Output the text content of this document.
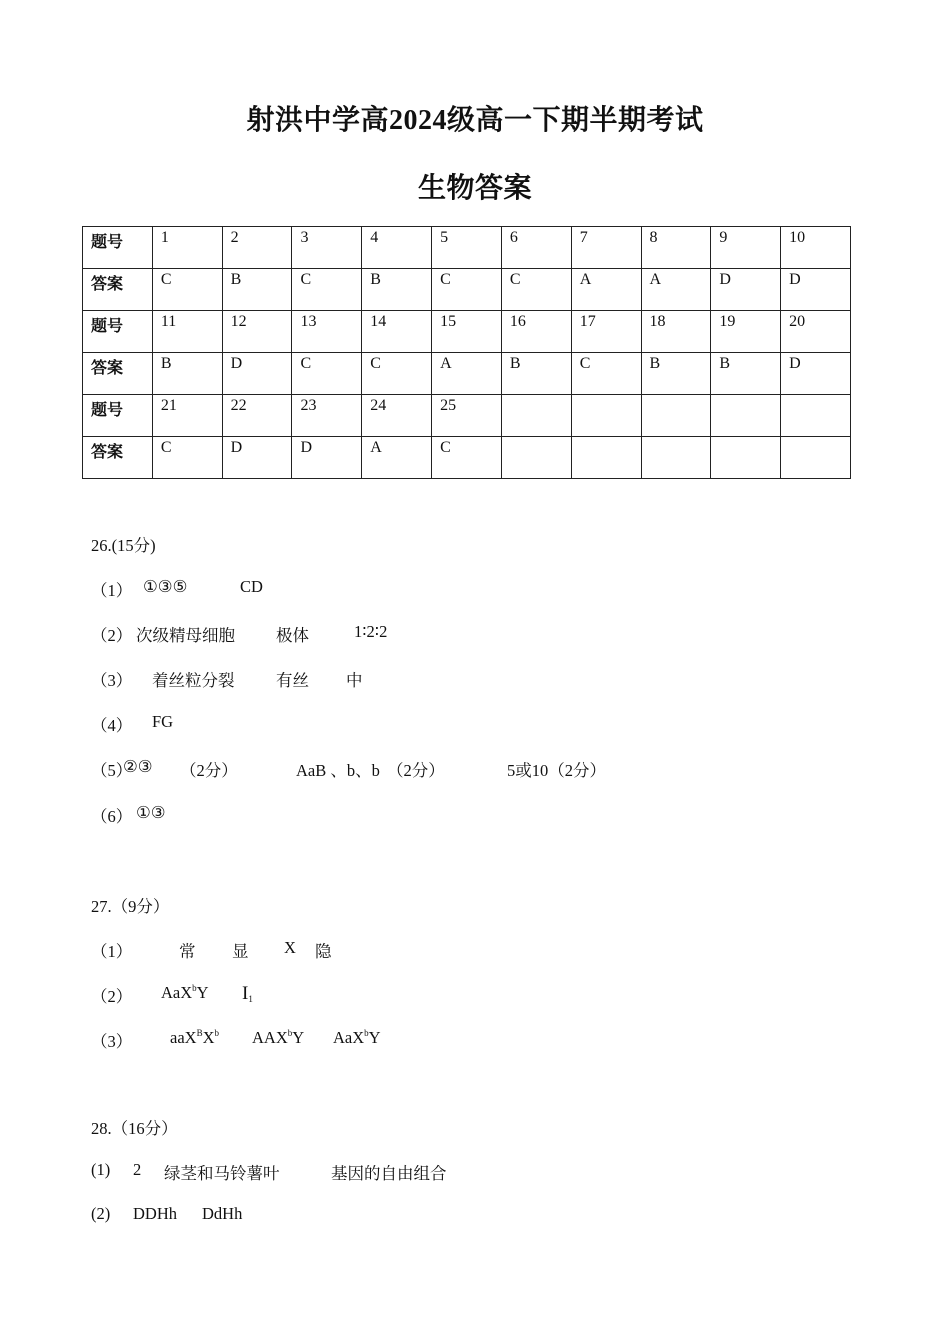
射洪中学高2024级高一下期半期考试
生物答案
题号	1	2	3	4	5	6	7	8	9	10
答案	C	B	C	B	C	C	A	A	D	D
题号	11	12	13	14	15	16	17	18	19	20
答案	B	D	C	C	A	B	C	B	B	D
题号	21	22	23	24	25					
答案	C	D	D	A	C					
26.(15分)
（1） ①③⑤	CD
（2） 次级精母细胞 极体	1∶2∶2
（3） 着丝粒分裂	有丝 中
（4） FG
（5）
②③ （2分）	AaB 、b、b （2分）	5或10（2分）
（6） ①③
27.（9分）
（1）	常 显 X 隐
（2） AaX$^b$Y $I_1$
（3） $aaX^BX^b$ AAX$^b$Y AaX$^b$Y
28.（16分）
(1) 2 绿茎和马铃薯叶	基因的自由组合
(2) DDHh DdHh
